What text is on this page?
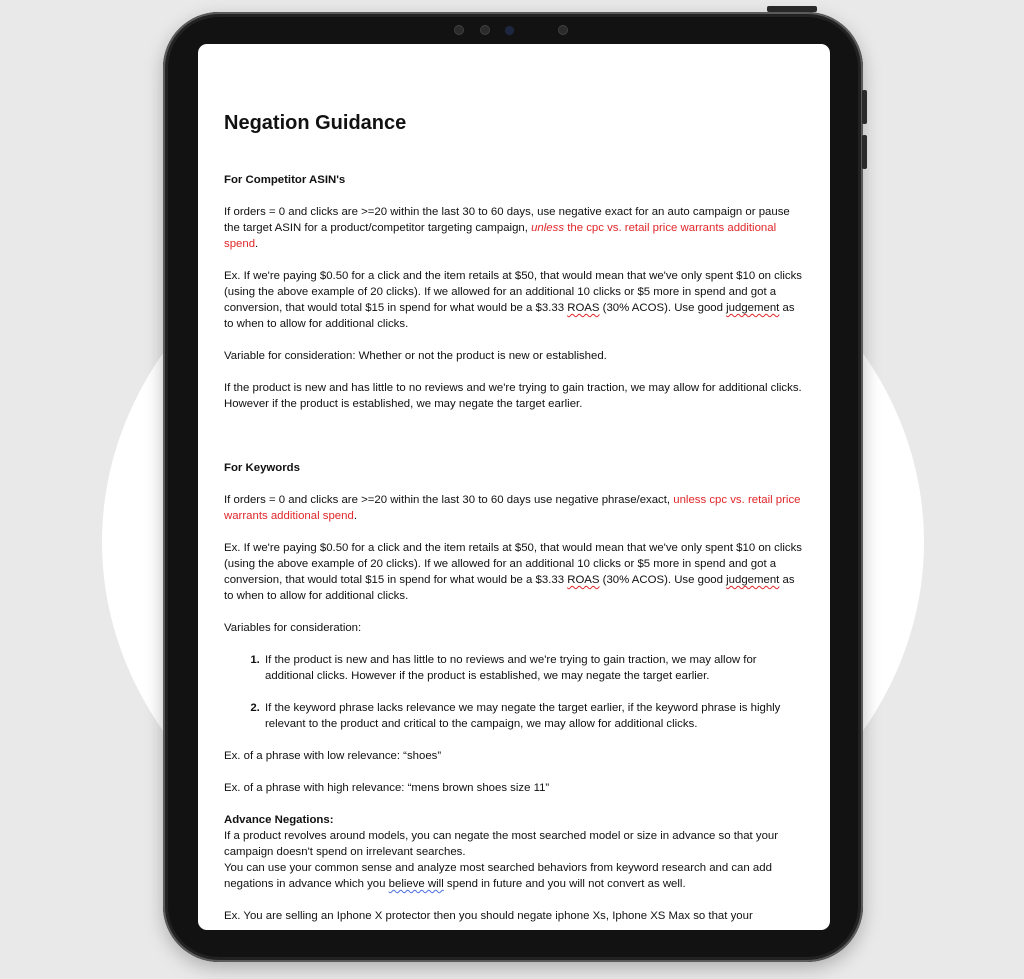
Negation Guidance
For Competitor ASIN's

If orders = 0 and clicks are >=20 within the last 30 to 60 days, use negative exact for an auto campaign or pause the target ASIN for a product/competitor targeting campaign, unless the cpc vs. retail price warrants additional spend.

Ex. If we're paying $0.50 for a click and the item retails at $50, that would mean that we've only spent $10 on clicks (using the above example of 20 clicks). If we allowed for an additional 10 clicks or $5 more in spend and got a conversion, that would total $15 in spend for what would be a $3.33 ROAS (30% ACOS). Use good judgement as to when to allow for additional clicks.

Variable for consideration: Whether or not the product is new or established.

If the product is new and has little to no reviews and we're trying to gain traction, we may allow for additional clicks. However if the product is established, we may negate the target earlier.

For Keywords

If orders = 0 and clicks are >=20 within the last 30 to 60 days use negative phrase/exact, unless cpc vs. retail price warrants additional spend.

Ex. If we're paying $0.50 for a click and the item retails at $50, that would mean that we've only spent $10 on clicks (using the above example of 20 clicks). If we allowed for an additional 10 clicks or $5 more in spend and got a conversion, that would total $15 in spend for what would be a $3.33 ROAS (30% ACOS). Use good judgement as to when to allow for additional clicks.

Variables for consideration:

1. If the product is new and has little to no reviews and we're trying to gain traction, we may allow for additional clicks. However if the product is established, we may negate the target earlier.
2. If the keyword phrase lacks relevance we may negate the target earlier, if the keyword phrase is highly relevant to the product and critical to the campaign, we may allow for additional clicks.

Ex. of a phrase with low relevance: “shoes”

Ex. of a phrase with high relevance: “mens brown shoes size 11”

Advance Negations:

If a product revolves around models, you can negate the most searched model or size in advance so that your campaign doesn't spend on irrelevant searches.

You can use your common sense and analyze most searched behaviors from keyword research and can add negations in advance which you believe will spend in future and you will not convert as well.

Ex. You are selling an Iphone X protector then you should negate iphone Xs, Iphone XS Max so that your
